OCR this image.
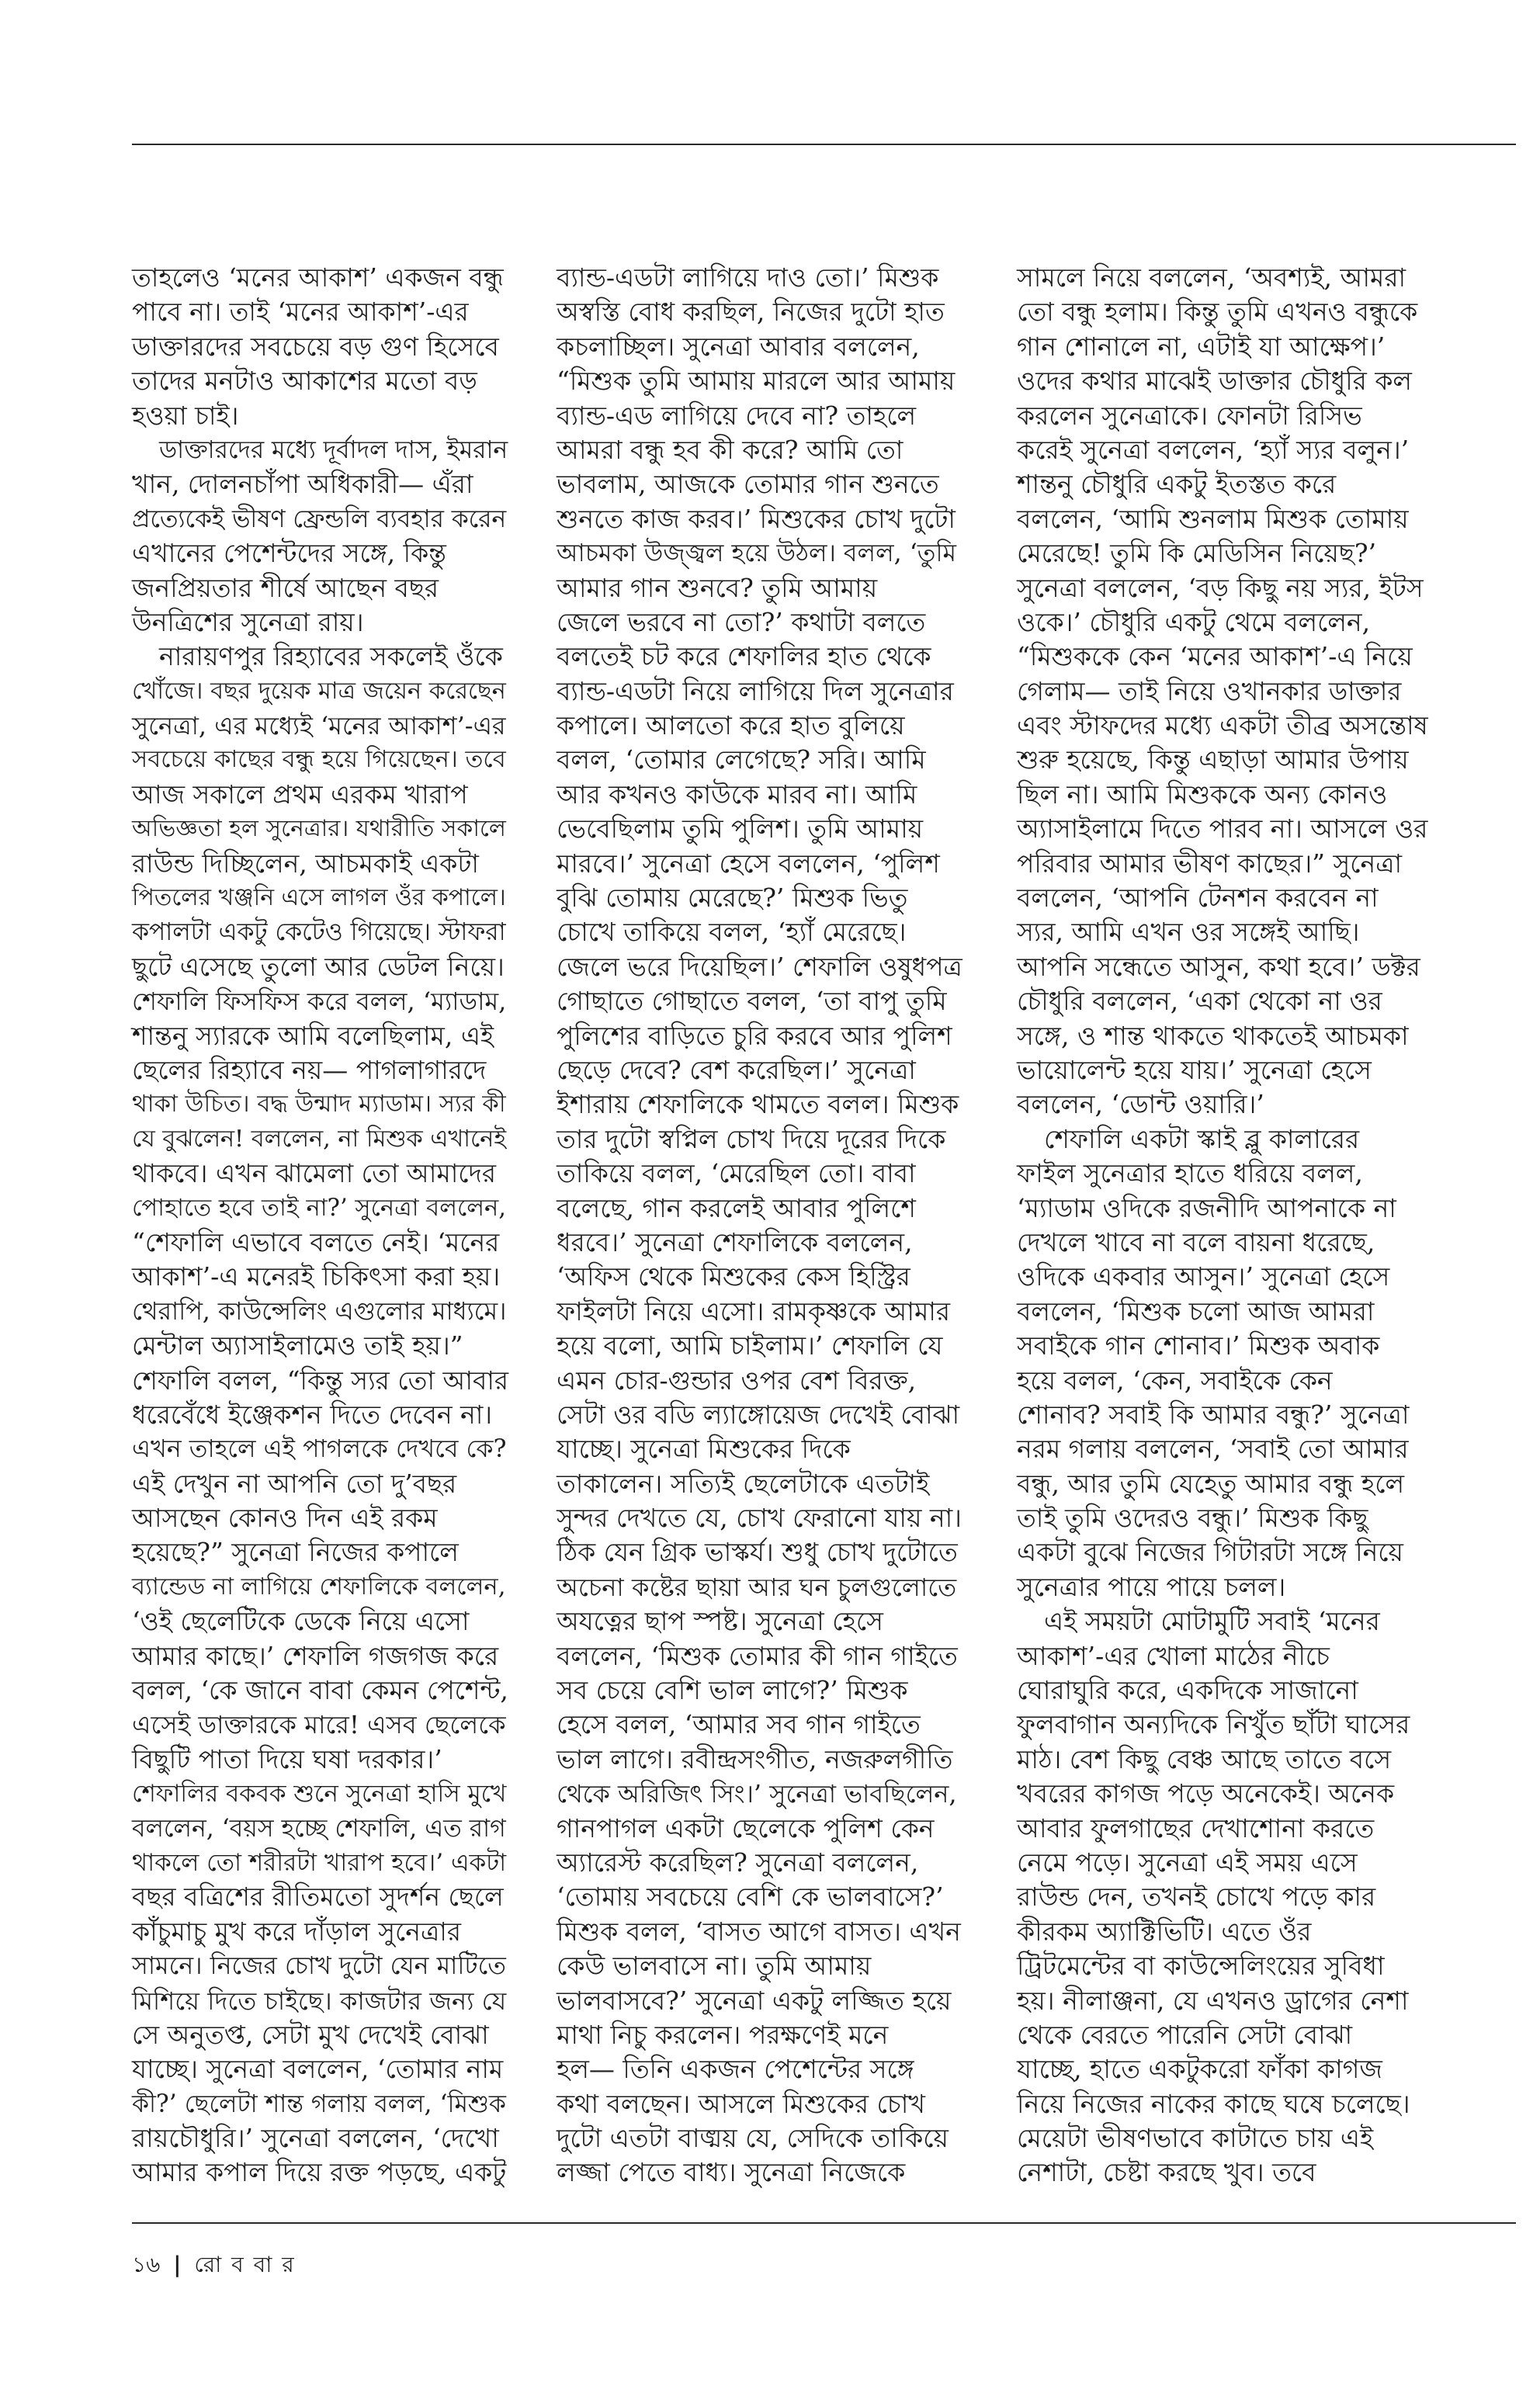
তাহলেও ‘মনের আকাশ’ একজন বন্ধু
পাবে না। তাই ‘মনের আকাশ’-এর
ডাক্তারদের সবচেয়ে বড় গুণ হিসেবে
তাদের মনটাও আকাশের মতো বড়
হওয়া চাই।
ডাক্তারদের মধ্যে দূর্বাদল দাস, ইমরান
খান, দোলনচাঁপা অধিকারী— এঁরা
প্রত্যেকেই ভীষণ ফ্রেন্ডলি ব্যবহার করেন
এখানের পেশেন্টদের সঙ্গে, কিন্তু
জনপ্রিয়তার শীর্ষে আছেন বছর
উনত্রিশের সুনেত্রা রায়।
নারায়ণপুর রিহ্যাবের সকলেই ওঁকে
খোঁজে। বছর দুয়েক মাত্র জয়েন করেছেন
সুনেত্রা, এর মধ্যেই ‘মনের আকাশ’-এর
সবচেয়ে কাছের বন্ধু হয়ে গিয়েছেন। তবে
আজ সকালে প্রথম এরকম খারাপ
অভিজ্ঞতা হল সুনেত্রার। যথারীতি সকালে
রাউন্ড দিচ্ছিলেন, আচমকাই একটা
পিতলের খঞ্জনি এসে লাগল ওঁর কপালে।
কপালটা একটু কেটেও গিয়েছে। স্টাফরা
ছুটে এসেছে তুলো আর ডেটল নিয়ে।
শেফালি ফিসফিস করে বলল, ‘ম্যাডাম,
শান্তনু স্যারকে আমি বলেছিলাম, এই
ছেলের রিহ্যাবে নয়— পাগলাগারদে
থাকা উচিত। বদ্ধ উন্মাদ ম্যাডাম। স্যর কী
যে বুঝলেন! বললেন, না মিশুক এখানেই
থাকবে। এখন ঝামেলা তো আমাদের
পোহাতে হবে তাই না?’ সুনেত্রা বললেন,
“শেফালি এভাবে বলতে নেই। ‘মনের
আকাশ’-এ মনেরই চিকিৎসা করা হয়।
থেরাপি, কাউন্সেলিং এগুলোর মাধ্যমে।
মেন্টাল অ্যাসাইলামেও তাই হয়।”
শেফালি বলল, “কিন্তু স্যর তো আবার
ধরেবেঁধে ইঞ্জেকশন দিতে দেবেন না।
এখন তাহলে এই পাগলকে দেখবে কে?
এই দেখুন না আপনি তো দু’বছর
আসছেন কোনও দিন এই রকম
হয়েছে?” সুনেত্রা নিজের কপালে
ব্যান্ডেড না লাগিয়ে শেফালিকে বললেন,
‘ওই ছেলেটিকে ডেকে নিয়ে এসো
আমার কাছে।’ শেফালি গজগজ করে
বলল, ‘কে জানে বাবা কেমন পেশেন্ট,
এসেই ডাক্তারকে মারে! এসব ছেলেকে
বিছুটি পাতা দিয়ে ঘষা দরকার।’
শেফালির বকবক শুনে সুনেত্রা হাসি মুখে
বললেন, ‘বয়স হচ্ছে শেফালি, এত রাগ
থাকলে তো শরীরটা খারাপ হবে।’ একটা
বছর বত্রিশের রীতিমতো সুদর্শন ছেলে
কাঁচুমাচু মুখ করে দাঁড়াল সুনেত্রার
সামনে। নিজের চোখ দুটো যেন মাটিতে
মিশিয়ে দিতে চাইছে। কাজটার জন্য যে
সে অনুতপ্ত, সেটা মুখ দেখেই বোঝা
যাচ্ছে। সুনেত্রা বললেন, ‘তোমার নাম
কী?’ ছেলেটা শান্ত গলায় বলল, ‘মিশুক
রায়চৌধুরি।’ সুনেত্রা বললেন, ‘দেখো
আমার কপাল দিয়ে রক্ত পড়ছে, একটু
ব্যান্ড-এডটা লাগিয়ে দাও তো।’ মিশুক
অস্বস্তি বোধ করছিল, নিজের দুটো হাত
কচলাচ্ছিল। সুনেত্রা আবার বললেন,
“মিশুক তুমি আমায় মারলে আর আমায়
ব্যান্ড-এড লাগিয়ে দেবে না? তাহলে
আমরা বন্ধু হব কী করে? আমি তো
ভাবলাম, আজকে তোমার গান শুনতে
শুনতে কাজ করব।’ মিশুকের চোখ দুটো
আচমকা উজ্জ্বল হয়ে উঠল। বলল, ‘তুমি
আমার গান শুনবে? তুমি আমায়
জেলে ভরবে না তো?’ কথাটা বলতে
বলতেই চট করে শেফালির হাত থেকে
ব্যান্ড-এডটা নিয়ে লাগিয়ে দিল সুনেত্রার
কপালে। আলতো করে হাত বুলিয়ে
বলল, ‘তোমার লেগেছে? সরি। আমি
আর কখনও কাউকে মারব না। আমি
ভেবেছিলাম তুমি পুলিশ। তুমি আমায়
মারবে।’ সুনেত্রা হেসে বললেন, ‘পুলিশ
বুঝি তোমায় মেরেছে?’ মিশুক ভিতু
চোখে তাকিয়ে বলল, ‘হ্যাঁ মেরেছে।
জেলে ভরে দিয়েছিল।’ শেফালি ওষুধপত্র
গোছাতে গোছাতে বলল, ‘তা বাপু তুমি
পুলিশের বাড়িতে চুরি করবে আর পুলিশ
ছেড়ে দেবে? বেশ করেছিল।’ সুনেত্রা
ইশারায় শেফালিকে থামতে বলল। মিশুক
তার দুটো স্বপ্নিল চোখ দিয়ে দূরের দিকে
তাকিয়ে বলল, ‘মেরেছিল তো। বাবা
বলেছে, গান করলেই আবার পুলিশে
ধরবে।’ সুনেত্রা শেফালিকে বললেন,
‘অফিস থেকে মিশুকের কেস হিস্ট্রির
ফাইলটা নিয়ে এসো। রামকৃষ্ণকে আমার
হয়ে বলো, আমি চাইলাম।’ শেফালি যে
এমন চোর-গুন্ডার ওপর বেশ বিরক্ত,
সেটা ওর বডি ল্যাঙ্গোয়েজ দেখেই বোঝা
যাচ্ছে। সুনেত্রা মিশুকের দিকে
তাকালেন। সত্যিই ছেলেটাকে এতটাই
সুন্দর দেখতে যে, চোখ ফেরানো যায় না।
ঠিক যেন গ্রিক ভাস্কর্য। শুধু চোখ দুটোতে
অচেনা কষ্টের ছায়া আর ঘন চুলগুলোতে
অযত্নের ছাপ স্পষ্ট। সুনেত্রা হেসে
বললেন, ‘মিশুক তোমার কী গান গাইতে
সব চেয়ে বেশি ভাল লাগে?’ মিশুক
হেসে বলল, ‘আমার সব গান গাইতে
ভাল লাগে। রবীন্দ্রসংগীত, নজরুলগীতি
থেকে অরিজিৎ সিং।’ সুনেত্রা ভাবছিলেন,
গানপাগল একটা ছেলেকে পুলিশ কেন
অ্যারেস্ট করেছিল? সুনেত্রা বললেন,
‘তোমায় সবচেয়ে বেশি কে ভালবাসে?’
মিশুক বলল, ‘বাসত আগে বাসত। এখন
কেউ ভালবাসে না। তুমি আমায়
ভালবাসবে?’ সুনেত্রা একটু লজ্জিত হয়ে
মাথা নিচু করলেন। পরক্ষণেই মনে
হল— তিনি একজন পেশেন্টের সঙ্গে
কথা বলছেন। আসলে মিশুকের চোখ
দুটো এতটা বাঙ্ময় যে, সেদিকে তাকিয়ে
লজ্জা পেতে বাধ্য। সুনেত্রা নিজেকে
সামলে নিয়ে বললেন, ‘অবশ্যই, আমরা
তো বন্ধু হলাম। কিন্তু তুমি এখনও বন্ধুকে
গান শোনালে না, এটাই যা আক্ষেপ।’
ওদের কথার মাঝেই ডাক্তার চৌধুরি কল
করলেন সুনেত্রাকে। ফোনটা রিসিভ
করেই সুনেত্রা বললেন, ‘হ্যাঁ স্যর বলুন।’
শান্তনু চৌধুরি একটু ইতস্তত করে
বললেন, ‘আমি শুনলাম মিশুক তোমায়
মেরেছে! তুমি কি মেডিসিন নিয়েছ?’
সুনেত্রা বললেন, ‘বড় কিছু নয় স্যর, ইটস
ওকে।’ চৌধুরি একটু থেমে বললেন,
“মিশুককে কেন ‘মনের আকাশ’-এ নিয়ে
গেলাম— তাই নিয়ে ওখানকার ডাক্তার
এবং স্টাফদের মধ্যে একটা তীব্র অসন্তোষ
শুরু হয়েছে, কিন্তু এছাড়া আমার উপায়
ছিল না। আমি মিশুককে অন্য কোনও
অ্যাসাইলামে দিতে পারব না। আসলে ওর
পরিবার আমার ভীষণ কাছের।” সুনেত্রা
বললেন, ‘আপনি টেনশন করবেন না
স্যর, আমি এখন ওর সঙ্গেই আছি।
আপনি সন্ধেতে আসুন, কথা হবে।’ ডক্টর
চৌধুরি বললেন, ‘একা থেকো না ওর
সঙ্গে, ও শান্ত থাকতে থাকতেই আচমকা
ভায়োলেন্ট হয়ে যায়।’ সুনেত্রা হেসে
বললেন, ‘ডোন্ট ওয়ারি।’
শেফালি একটা স্কাই ব্লু কালারের
ফাইল সুনেত্রার হাতে ধরিয়ে বলল,
‘ম্যাডাম ওদিকে রজনীদি আপনাকে না
দেখলে খাবে না বলে বায়না ধরেছে,
ওদিকে একবার আসুন।’ সুনেত্রা হেসে
বললেন, ‘মিশুক চলো আজ আমরা
সবাইকে গান শোনাব।’ মিশুক অবাক
হয়ে বলল, ‘কেন, সবাইকে কেন
শোনাব? সবাই কি আমার বন্ধু?’ সুনেত্রা
নরম গলায় বললেন, ‘সবাই তো আমার
বন্ধু, আর তুমি যেহেতু আমার বন্ধু হলে
তাই তুমি ওদেরও বন্ধু।’ মিশুক কিছু
একটা বুঝে নিজের গিটারটা সঙ্গে নিয়ে
সুনেত্রার পায়ে পায়ে চলল।
এই সময়টা মোটামুটি সবাই ‘মনের
আকাশ’-এর খোলা মাঠের নীচে
ঘোরাঘুরি করে, একদিকে সাজানো
ফুলবাগান অন্যদিকে নিখুঁত ছাঁটা ঘাসের
মাঠ। বেশ কিছু বেঞ্চ আছে তাতে বসে
খবরের কাগজ পড়ে অনেকেই। অনেক
আবার ফুলগাছের দেখাশোনা করতে
নেমে পড়ে। সুনেত্রা এই সময় এসে
রাউন্ড দেন, তখনই চোখে পড়ে কার
কীরকম অ্যাক্টিভিটি। এতে ওঁর
ট্রিটমেন্টের বা কাউন্সেলিংয়ের সুবিধা
হয়। নীলাঞ্জনা, যে এখনও ড্রাগের নেশা
থেকে বেরতে পারেনি সেটা বোঝা
যাচ্ছে, হাতে একটুকরো ফাঁকা কাগজ
নিয়ে নিজের নাকের কাছে ঘষে চলেছে।
মেয়েটা ভীষণভাবে কাটাতে চায় এই
নেশাটা, চেষ্টা করছে খুব। তবে
১৬ | রো ব বা র
